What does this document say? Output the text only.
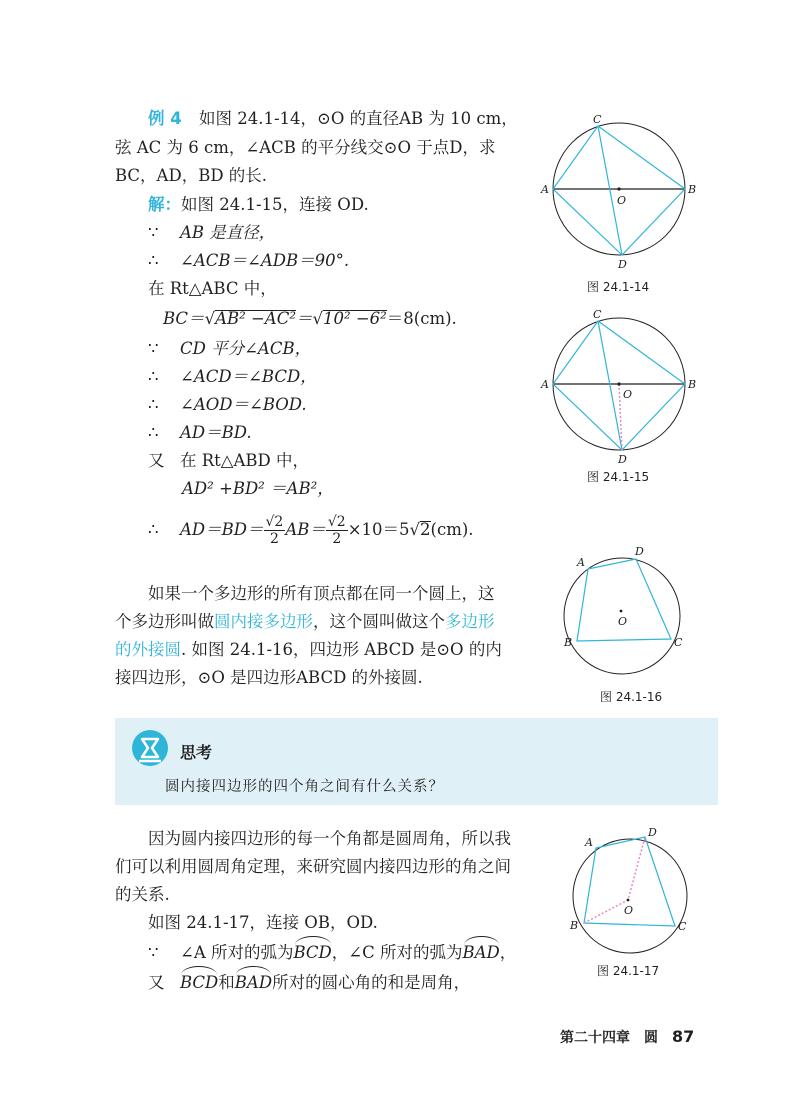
例 4 如图 24.1-14，⊙O 的直径AB 为 10 cm，
弦 AC 为 6 cm，∠ACB 的平分线交⊙O 于点D，求
BC，AD，BD 的长.
解：如图 24.1-15，连接 OD.
∵ AB 是直径，
∴ ∠ACB＝∠ADB＝90°.
在 Rt△ABC 中，
BC＝√AB² −AC²＝√10² −6²＝8(cm).
∵ CD 平分∠ACB，
∴ ∠ACD＝∠BCD，
∴ ∠AOD＝∠BOD.
∴ AD＝BD.
又 在 Rt△ABD 中，
AD² +BD² ＝AB²，
∴ $AD=BD= \frac{√2}{2} AB= \frac{√2}{2} \times 10=5√2(cm)$.
如果一个多边形的所有顶点都在同一个圆上，这
个多边形叫做圆内接多边形，这个圆叫做这个多边形
的外接圆. 如图 24.1-16，四边形 ABCD 是⊙O 的内
接四边形，⊙O 是四边形ABCD 的外接圆.
思考
圆内接四边形的四个角之间有什么关系？
因为圆内接四边形的每一个角都是圆周角，所以我
们可以利用圆周角定理，来研究圆内接四边形的角之间
的关系.
如图 24.1-17，连接 OB，OD.
∵ ∠A 所对的弧为BCD，∠C 所对的弧为BAD，
又 BCD和BAD所对的圆心角的和是周角，
C
A	B
O
D
图 24.1-14
C
A	B
O
D
图 24.1-15
A
D
B	C
O
图 24.1-16
A
D
B	C
O
图 24.1-17
第二十四章　圆 87
